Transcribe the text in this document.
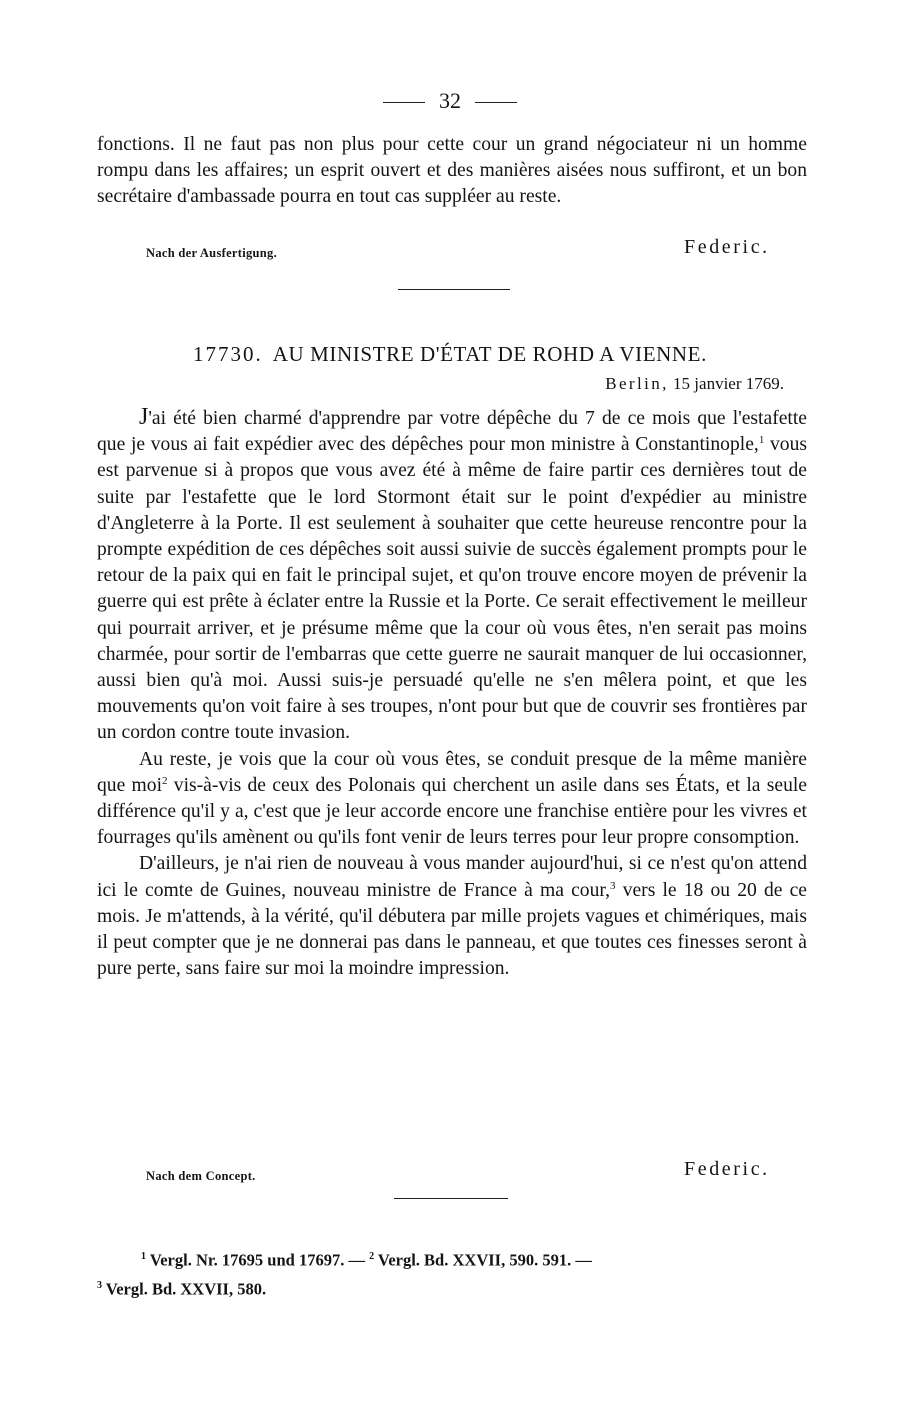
32

fonctions. Il ne faut pas non plus pour cette cour un grand négociateur ni un homme rompu dans les affaires; un esprit ouvert et des manières aisées nous suffiront, et un bon secrétaire d'ambassade pourra en tout cas suppléer au reste.

Nach der Ausfertigung.	Federic.
17730. AU MINISTRE D'ÉTAT DE ROHD A VIENNE.
Berlin, 15 janvier 1769.

J'ai été bien charmé d'apprendre par votre dépêche du 7 de ce mois que l'estafette que je vous ai fait expédier avec des dépêches pour mon ministre à Constantinople,$^1$ vous est parvenue si à propos que vous avez été à même de faire partir ces dernières tout de suite par l'estafette que le lord Stormont était sur le point d'expédier au ministre d'Angleterre à la Porte. Il est seulement à souhaiter que cette heureuse rencontre pour la prompte expédition de ces dépêches soit aussi suivie de succès également prompts pour le retour de la paix qui en fait le principal sujet, et qu'on trouve encore moyen de prévenir la guerre qui est prête à éclater entre la Russie et la Porte. Ce serait effectivement le meilleur qui pourrait arriver, et je présume même que la cour où vous êtes, n'en serait pas moins charmée, pour sortir de l'embarras que cette guerre ne saurait manquer de lui occasionner, aussi bien qu'à moi. Aussi suis-je persuadé qu'elle ne s'en mêlera point, et que les mouvements qu'on voit faire à ses troupes, n'ont pour but que de couvrir ses frontières par un cordon contre toute invasion.

Au reste, je vois que la cour où vous êtes, se conduit presque de la même manière que moi$^2$ vis-à-vis de ceux des Polonais qui cherchent un asile dans ses États, et la seule différence qu'il y a, c'est que je leur accorde encore une franchise entière pour les vivres et fourrages qu'ils amènent ou qu'ils font venir de leurs terres pour leur propre consomption.

D'ailleurs, je n'ai rien de nouveau à vous mander aujourd'hui, si ce n'est qu'on attend ici le comte de Guines, nouveau ministre de France à ma cour,$^3$ vers le 18 ou 20 de ce mois. Je m'attends, à la vérité, qu'il débutera par mille projets vagues et chimériques, mais il peut compter que je ne donnerai pas dans le panneau, et que toutes ces finesses seront à pure perte, sans faire sur moi la moindre impression.

Nach dem Concept.	Federic.

$^1$ Vergl. Nr. 17695 und 17697. — $^2$ Vergl. Bd. XXVII, 590. 591. —
$^3$ Vergl. Bd. XXVII, 580.
